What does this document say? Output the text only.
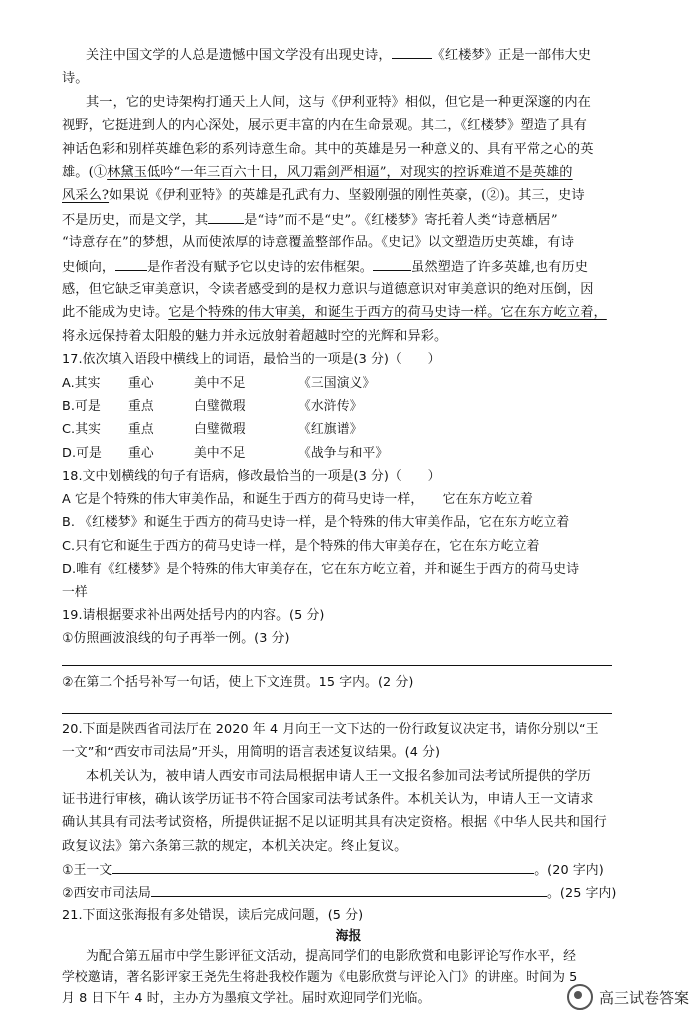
关注中国文学的人总是遗憾中国文学没有出现史诗，	《红楼梦》正是一部伟大史
诗。
其一，它的史诗架构打通天上人间，这与《伊利亚特》相似，但它是一种更深邃的内在
视野，它挺进到人的内心深处，展示更丰富的内在生命景观。其二，《红楼梦》塑造了具有
神话色彩和别样英雄色彩的系列诗意生命。其中的英雄是另一种意义的、具有平常之心的英
雄。(①林黛玉低吟“一年三百六十日，风刀霜剑严相逼”，对现实的控诉难道不是英雄的
风采么?如果说《伊利亚特》的英雄是孔武有力、坚毅刚强的刚性英豪，(②)。其三，史诗
不是历史，而是文学，其	是“诗”而不是“史”。《红楼梦》寄托着人类“诗意栖居”
“诗意存在”的梦想，从而使浓厚的诗意覆盖整部作品。《史记》以文塑造历史英雄，有诗
史倾向， 是作者没有赋予它以史诗的宏伟框架。	虽然塑造了许多英雄,也有历史
感，但它缺乏审美意识，令读者感受到的是权力意识与道德意识对审美意识的绝对压倒，因
此不能成为史诗。它是个特殊的伟大审美，和诞生于西方的荷马史诗一样。它在东方屹立着，
将永远保持着太阳般的魅力并永远放射着超越时空的光辉和异彩。
17.依次填入语段中横线上的词语，最恰当的一项是(3 分)（　　）
A.其实 重心	美中不足	《三国演义》
B.可是 重点	白璧微瑕	《水浒传》
C.其实 重点	白璧微瑕	《红旗谱》
D.可是 重心	美中不足	《战争与和平》
18.文中划横线的句子有语病，修改最恰当的一项是(3 分)（　　）
A 它是个特殊的伟大审美作品，和诞生于西方的荷马史诗一样，　　它在东方屹立着
B. 《红楼梦》和诞生于西方的荷马史诗一样，是个特殊的伟大审美作品，它在东方屹立着
C.只有它和诞生于西方的荷马史诗一样，是个特殊的伟大审美存在，它在东方屹立着
D.唯有《红楼梦》是个特殊的伟大审美存在，它在东方屹立着，并和诞生于西方的荷马史诗
一样
19.请根据要求补出两处括号内的内容。(5 分)
①仿照画波浪线的句子再举一例。(3 分)
②在第二个括号补写一句话，使上下文连贯。15 字内。(2 分)
20.下面是陕西省司法厅在 2020 年 4 月向王一文下达的一份行政复议决定书，请你分别以“王
一文”和“西安市司法局”开头，用简明的语言表述复议结果。(4 分)
本机关认为，被申请人西安市司法局根据申请人王一文报名参加司法考试所提供的学历
证书进行审核，确认该学历证书不符合国家司法考试条件。本机关认为，申请人王一文请求
确认其具有司法考试资格，所提供证据不足以证明其具有决定资格。根据《中华人民共和国行
政复议法》第六条第三款的规定，本机关决定。终止复议。
①王一文	。(20 字内)
②西安市司法局	。(25 字内)
21.下面这张海报有多处错误，读后完成问题，(5 分)
海报
为配合第五届市中学生影评征文活动，提高同学们的电影欣赏和电影评论写作水平，经
学校邀请，著名影评家王尧先生将赴我校作题为《电影欣赏与评论入门》的讲座。时间为 5
月 8 日下午 4 时，主办方为墨痕文学社。届时欢迎同学们光临。	高三试卷答案
